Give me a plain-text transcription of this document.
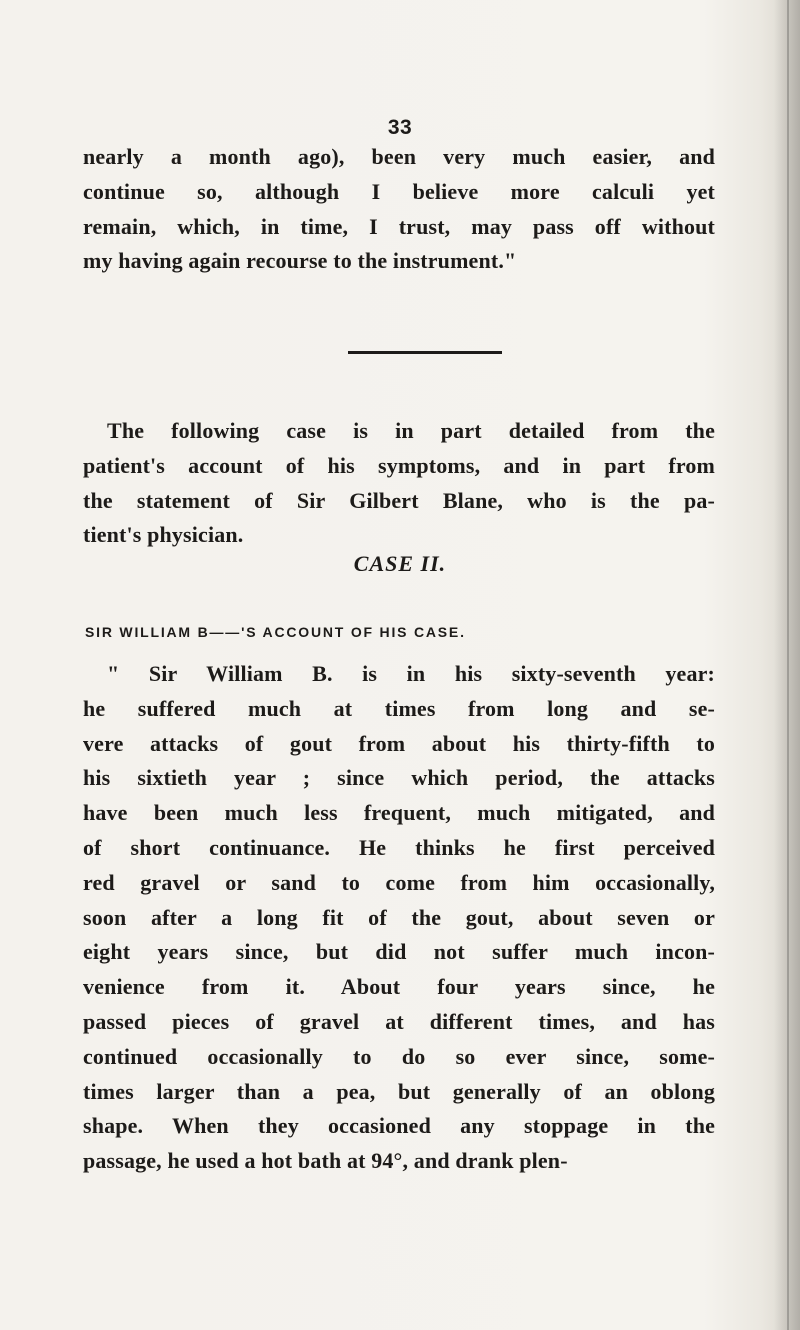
33
nearly a month ago), been very much easier, and
continue so, although I believe more calculi yet
remain, which, in time, I trust, may pass off without
my having again recourse to the instrument."
The following case is in part detailed from the
patient's account of his symptoms, and in part from
the statement of Sir Gilbert Blane, who is the pa-
tient's physician.
CASE II.
SIR WILLIAM B——'S ACCOUNT OF HIS CASE.
" Sir William B. is in his sixty-seventh year:
he suffered much at times from long and se-
vere attacks of gout from about his thirty-fifth to
his sixtieth year ; since which period, the attacks
have been much less frequent, much mitigated, and
of short continuance. He thinks he first perceived
red gravel or sand to come from him occasionally,
soon after a long fit of the gout, about seven or
eight years since, but did not suffer much incon-
venience from it. About four years since, he
passed pieces of gravel at different times, and has
continued occasionally to do so ever since, some-
times larger than a pea, but generally of an oblong
shape. When they occasioned any stoppage in the
passage, he used a hot bath at 94°, and drank plen-
